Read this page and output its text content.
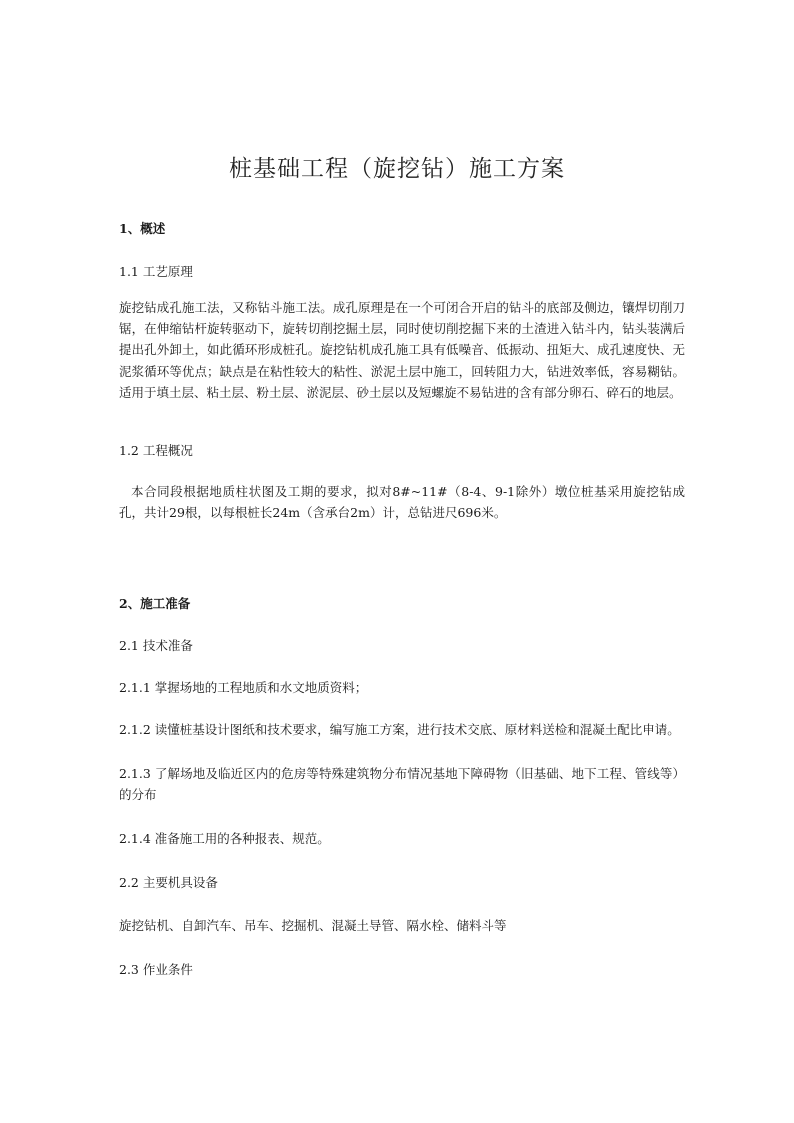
桩基础工程（旋挖钻）施工方案

1、概述

1.1 工艺原理

旋挖钻成孔施工法，又称钻斗施工法。成孔原理是在一个可闭合开启的钻斗的底部及侧边，镶焊切削刀锯，在伸缩钻杆旋转驱动下，旋转切削挖掘土层，同时使切削挖掘下来的土渣进入钻斗内，钻头装满后提出孔外卸土，如此循环形成桩孔。旋挖钻机成孔施工具有低噪音、低振动、扭矩大、成孔速度快、无泥浆循环等优点；缺点是在粘性较大的粘性、淤泥土层中施工，回转阻力大，钻进效率低，容易糊钻。适用于填土层、粘土层、粉土层、淤泥层、砂土层以及短螺旋不易钻进的含有部分卵石、碎石的地层。

1.2 工程概况

本合同段根据地质柱状图及工期的要求，拟对8#~11#（8-4、9-1除外）墩位桩基采用旋挖钻成孔，共计29根，以每根桩长24m（含承台2m）计，总钻进尺696米。

2、施工准备

2.1 技术准备

2.1.1 掌握场地的工程地质和水文地质资料；

2.1.2 读懂桩基设计图纸和技术要求，编写施工方案，进行技术交底、原材料送检和混凝土配比申请。

2.1.3 了解场地及临近区内的危房等特殊建筑物分布情况基地下障碍物（旧基础、地下工程、管线等）的分布

2.1.4 准备施工用的各种报表、规范。

2.2 主要机具设备

旋挖钻机、自卸汽车、吊车、挖掘机、混凝土导管、隔水栓、储料斗等

2.3 作业条件
